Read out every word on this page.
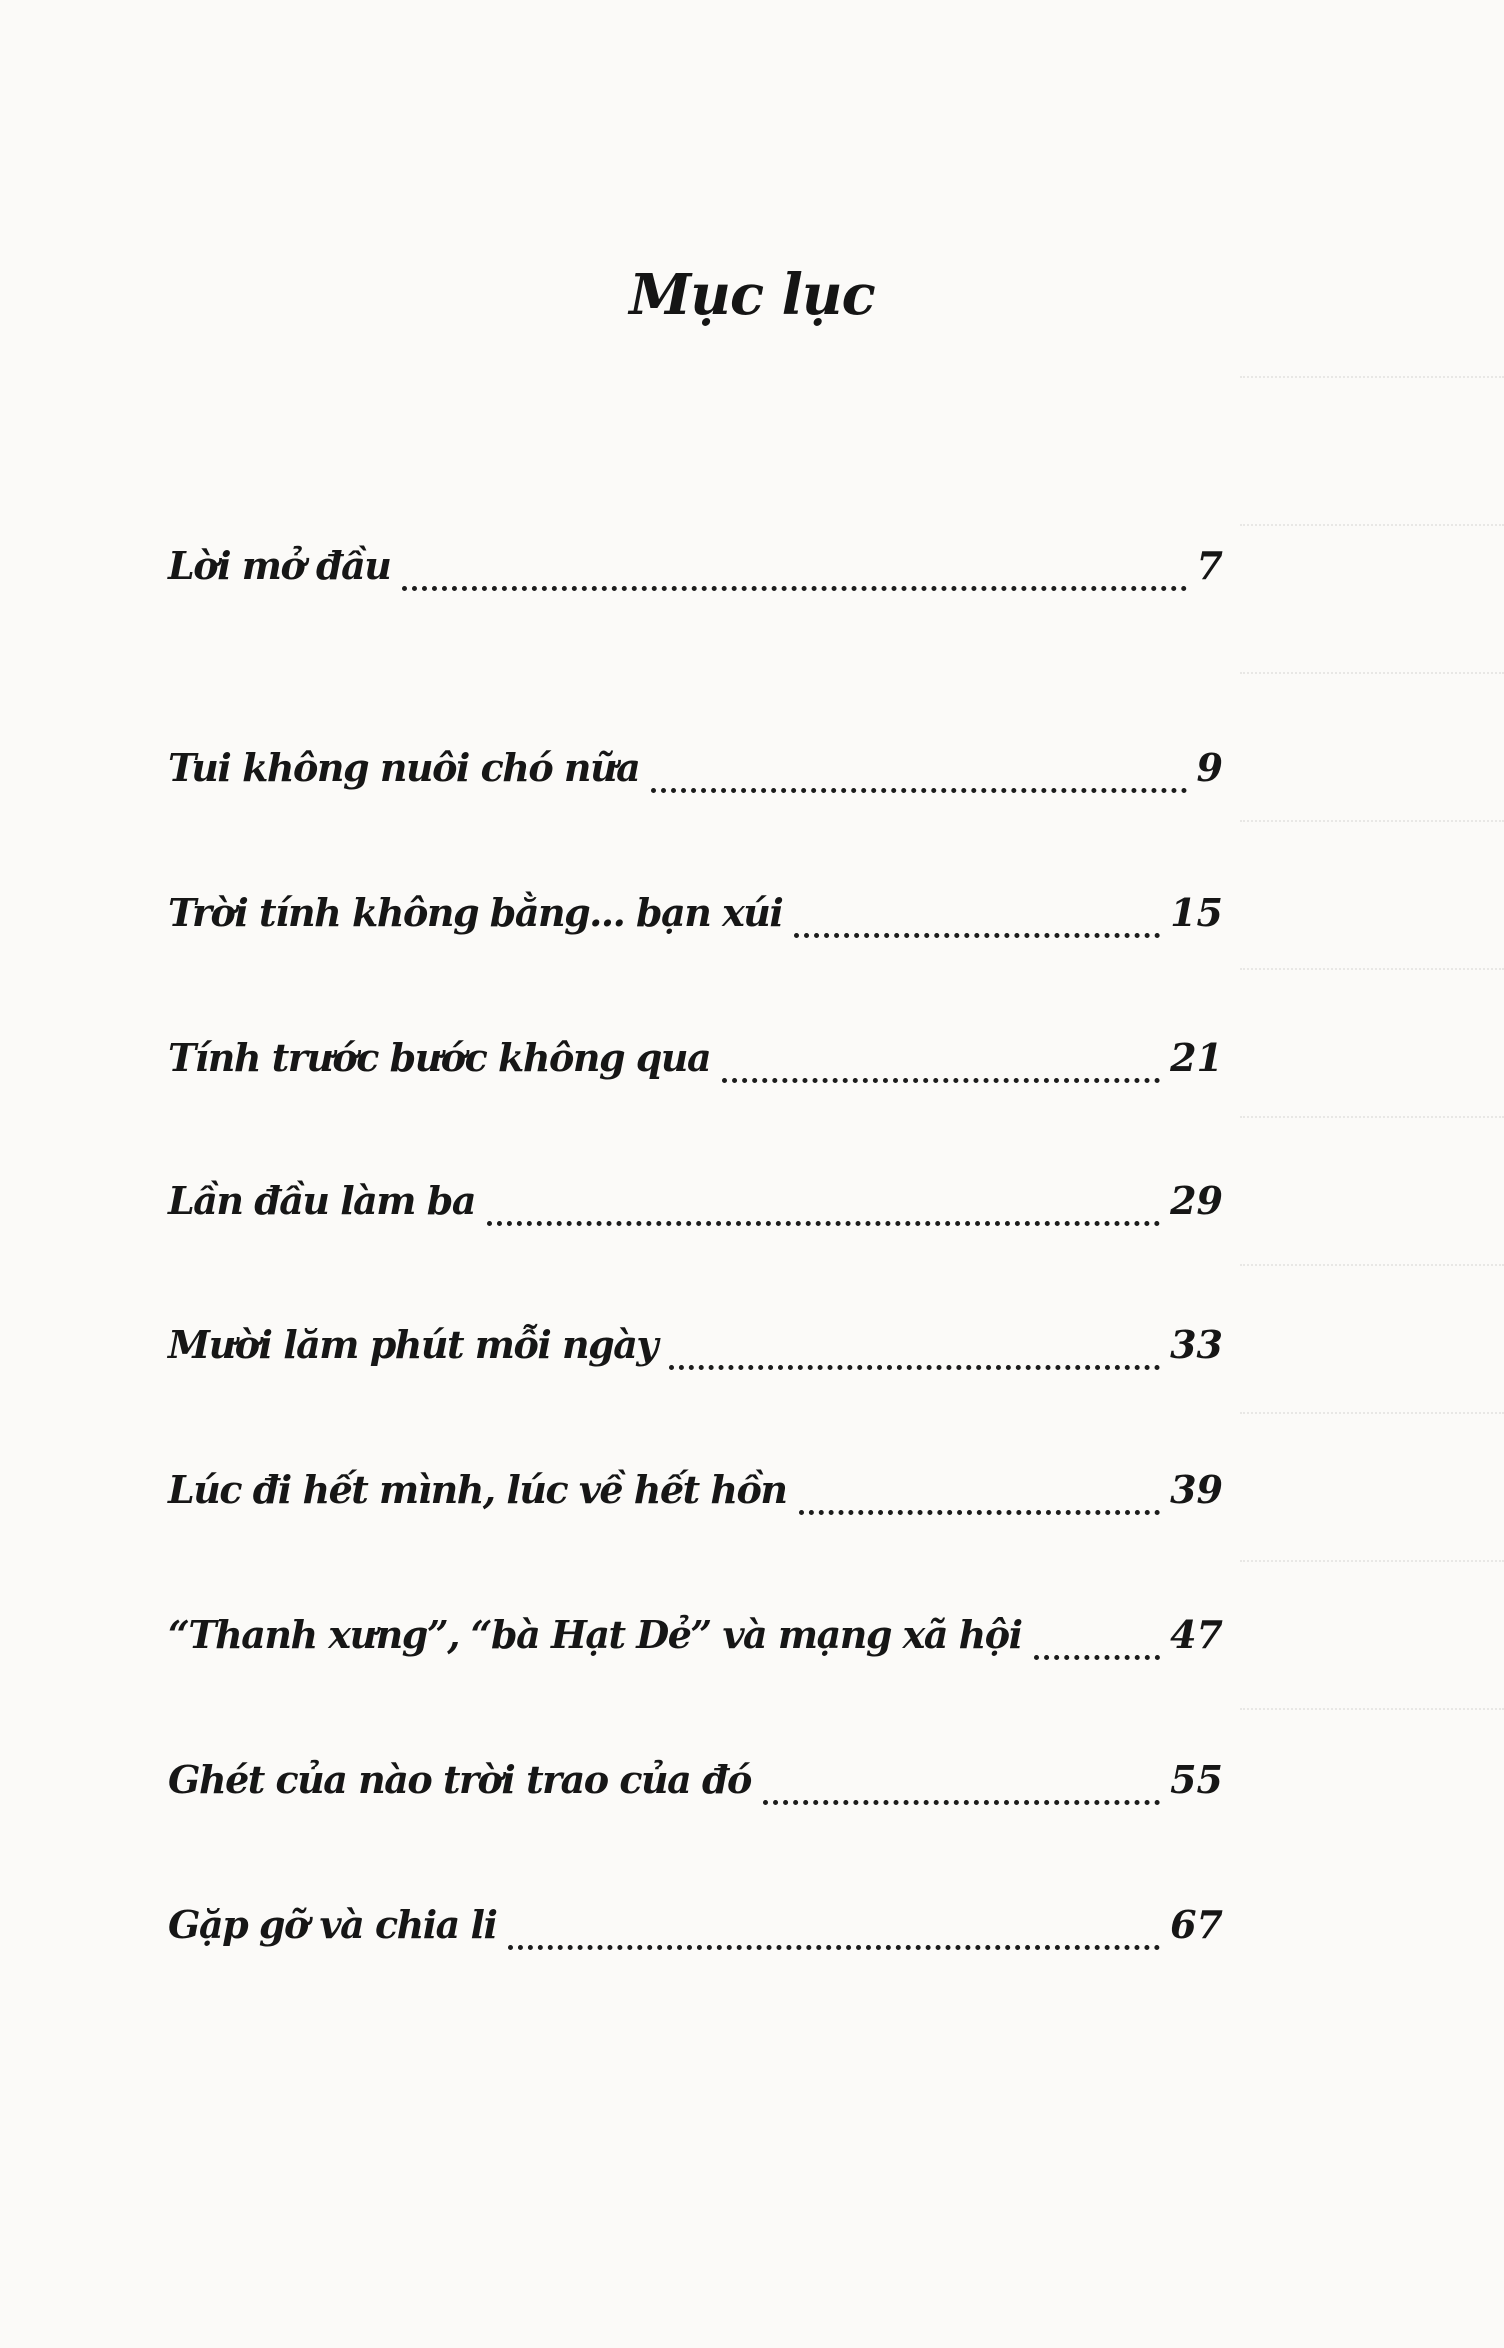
Mục lục
Lời mở đầu	7
Tui không nuôi chó nữa	9
Trời tính không bằng... bạn xúi	15
Tính trước bước không qua	21
Lần đầu làm ba	29
Mười lăm phút mỗi ngày	33
Lúc đi hết mình, lúc về hết hồn	39
“Thanh xưng”, “bà Hạt Dẻ” và mạng xã hội	47
Ghét của nào trời trao của đó	55
Gặp gỡ và chia li	67
